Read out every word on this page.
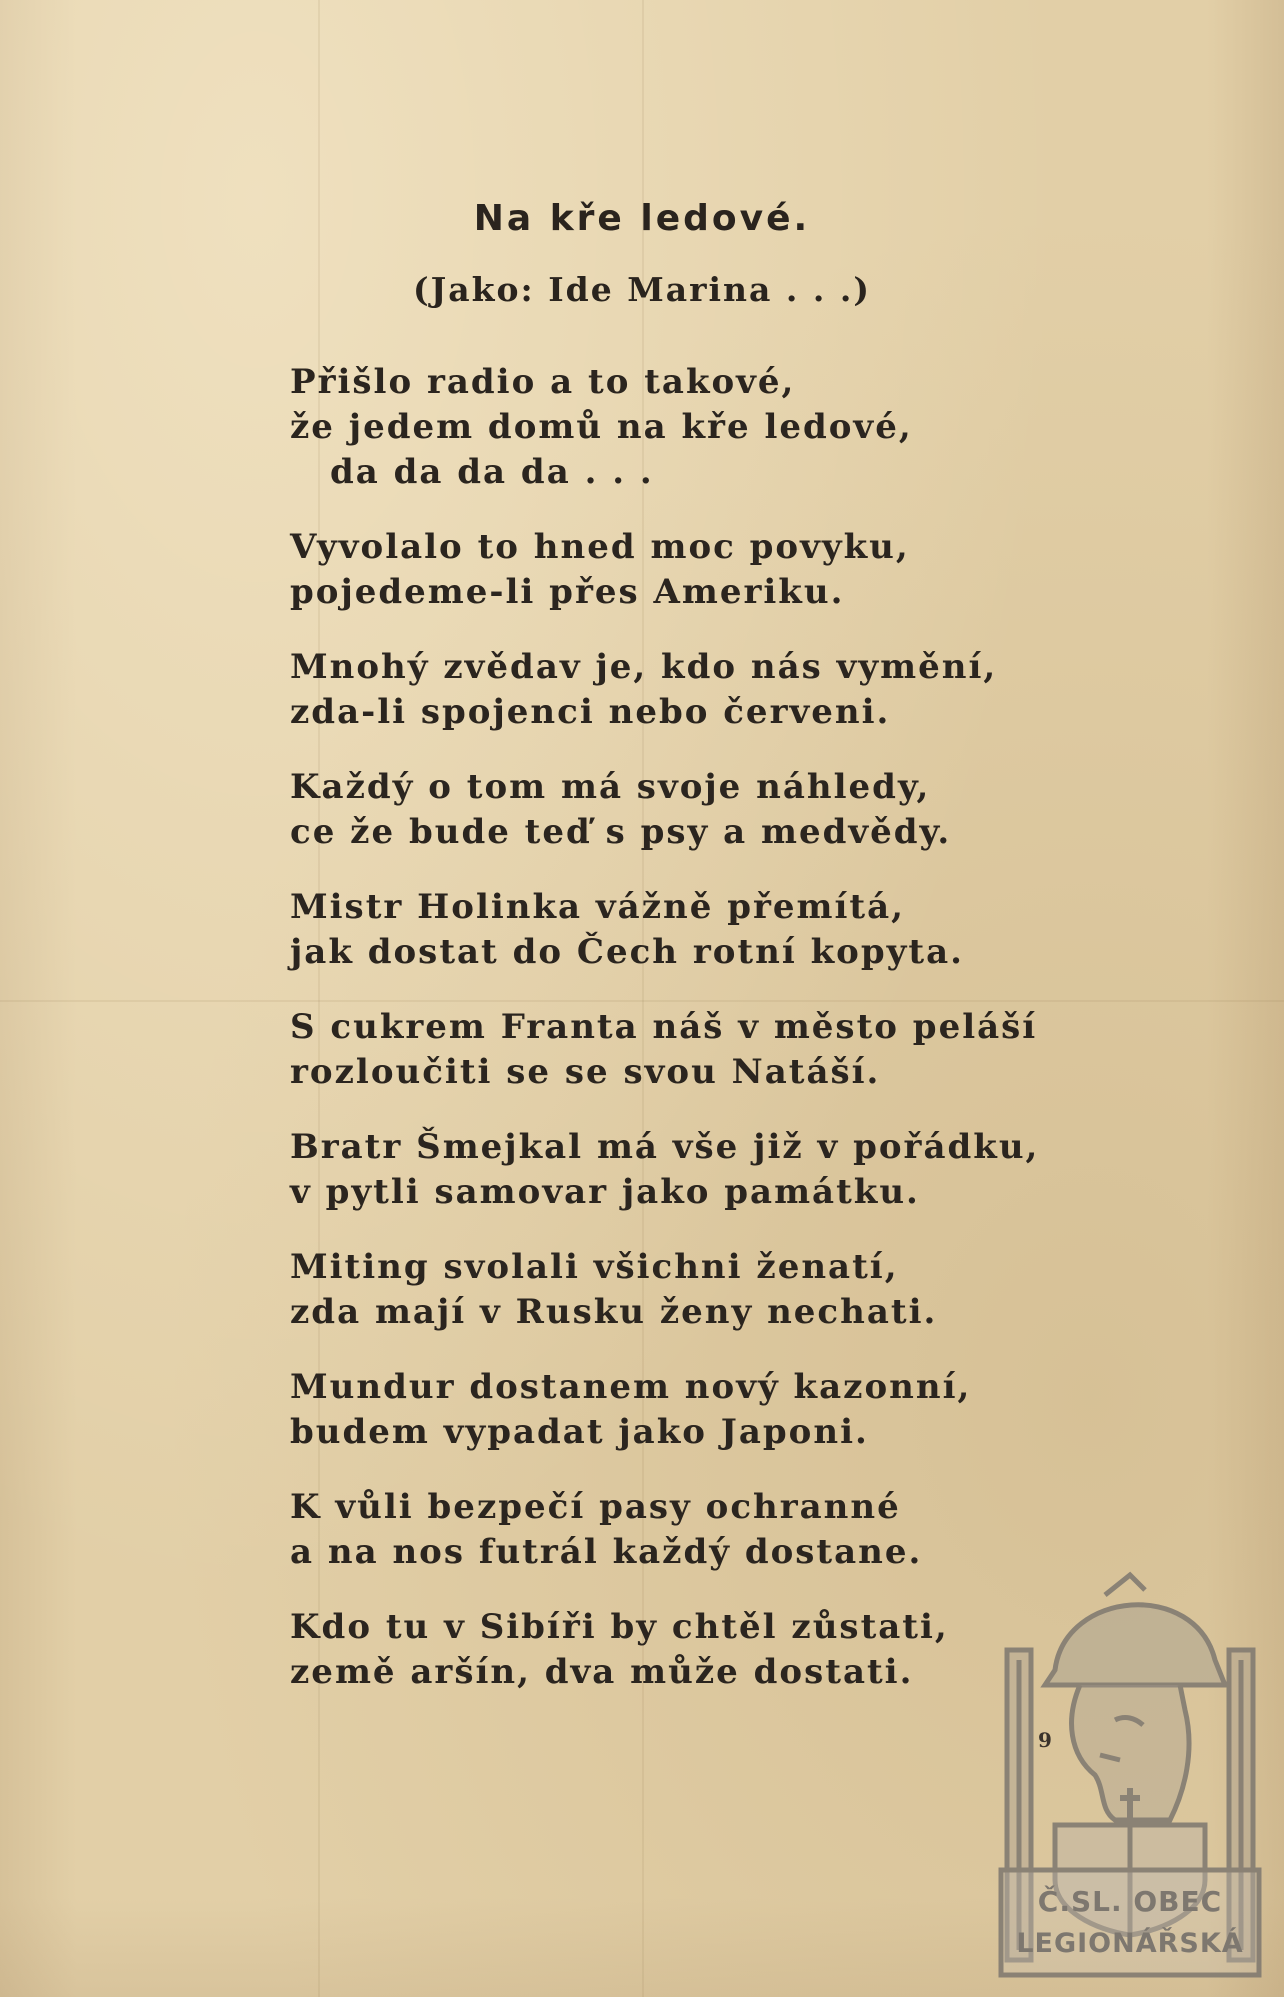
Na kře ledové.
(Jako: Ide Marina . . .)
Přišlo radio a to takové,
že jedem domů na kře ledové,
da da da da . . .
Vyvolalo to hned moc povyku,
pojedeme-li přes Ameriku.
Mnohý zvědav je, kdo nás vymění,
zda-li spojenci nebo červeni.
Každý o tom má svoje náhledy,
ce že bude teď s psy a medvědy.
Mistr Holinka vážně přemítá,
jak dostat do Čech rotní kopyta.
S cukrem Franta náš v město peláší
rozloučiti se se svou Natáší.
Bratr Šmejkal má vše již v pořádku,
v pytli samovar jako památku.
Miting svolali všichni ženatí,
zda mají v Rusku ženy nechati.
Mundur dostanem nový kazonní,
budem vypadat jako Japoni.
K vůli bezpečí pasy ochranné
a na nos futrál každý dostane.
Kdo tu v Sibíři by chtěl zůstati,
země aršín, dva může dostati.
9
Č.SL. OBEC
LEGIONÁŘSKÁ
